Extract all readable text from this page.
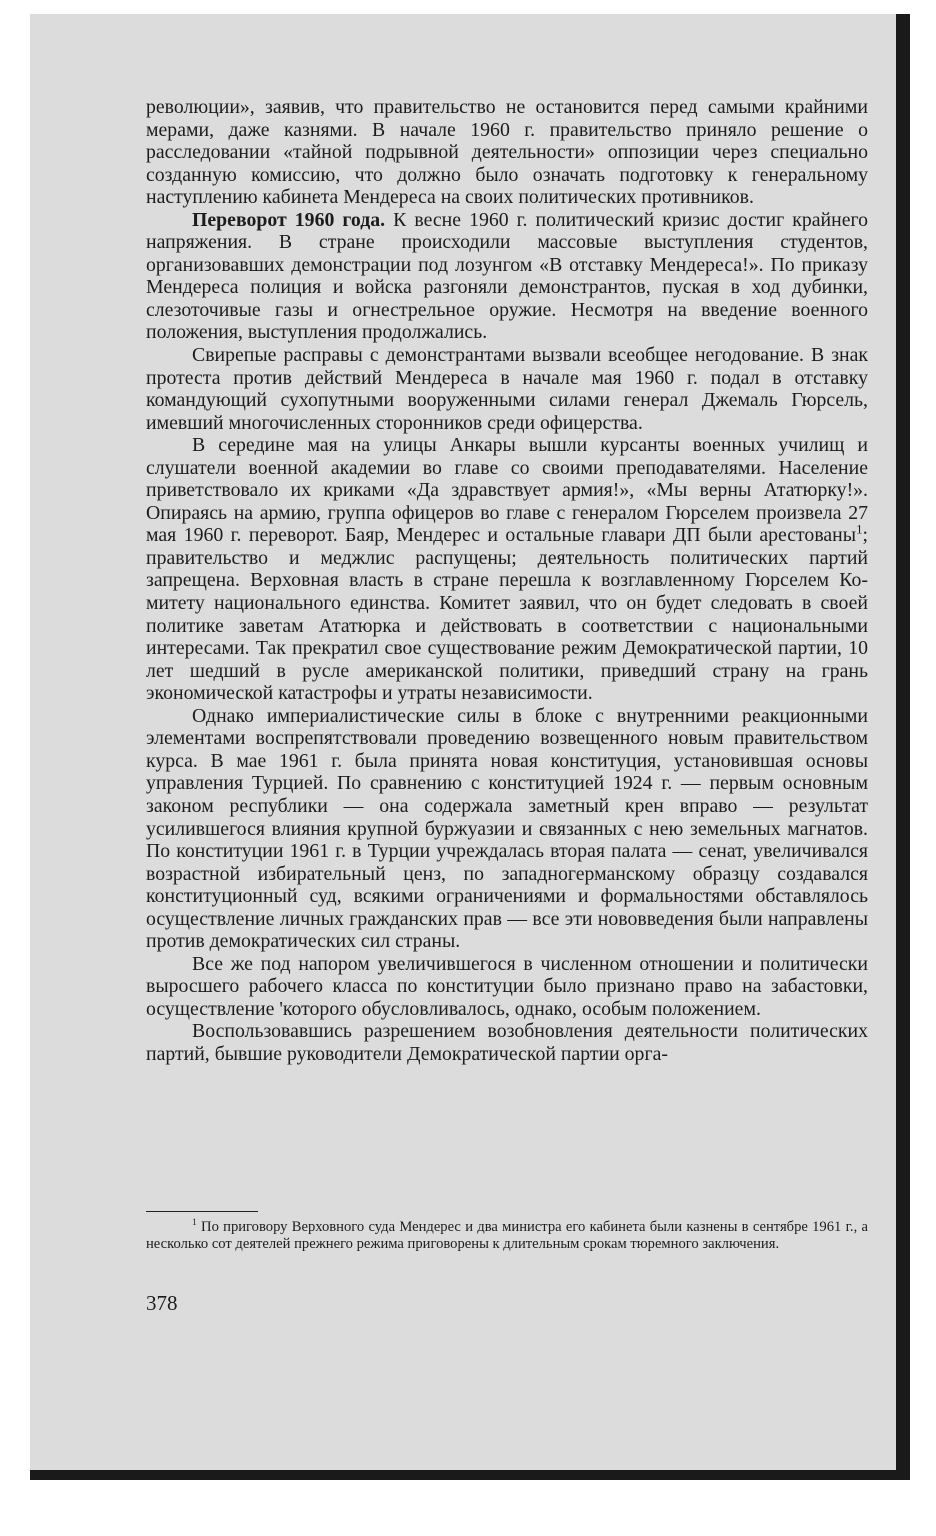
революции», заявив, что правительство не остановится перед самыми крайними мерами, даже казнями. В начале 1960 г. правительство приняло решение о расследовании «тайной подрывной деятельности» оппозиции через специально созданную комиссию, что должно было означать подготовку к генеральному наступлению кабинета Мендереса на своих политических противников.

Переворот 1960 года. К весне 1960 г. политический кризис достиг крайнего напряжения. В стране происходили массовые выступления студентов, организовавших демонстрации под лозунгом «В отставку Мендереса!». По приказу Мендереса полиция и войска разгоняли демонстрантов, пуская в ход дубинки, слезоточивые газы и огнестрельное оружие. Несмотря на введение военного положения, выступления продолжались.

Свирепые расправы с демонстрантами вызвали всеобщее негодование. В знак протеста против действий Мендереса в начале мая 1960 г. подал в отставку командующий сухопутными вооруженными силами генерал Джемаль Гюрсель, имевший многочисленных сторонников среди офицерства.

В середине мая на улицы Анкары вышли курсанты военных училищ и слушатели военной академии во главе со своими преподавателями. Население приветствовало их криками «Да здравствует армия!», «Мы верны Ататюрку!». Опираясь на армию, группа офицеров во главе с генералом Гюрселем произвела 27 мая 1960 г. переворот. Баяр, Мендерес и остальные главари ДП были арестованы$^1$; правительство и меджлис распущены; деятельность политических партий запрещена. Верховная власть в стране перешла к возглавленному Гюрселем Комитету национального единства. Комитет заявил, что он будет следовать в своей политике заветам Ататюрка и действовать в соответствии с национальными интересами. Так прекратил свое существование режим Демократической партии, 10 лет шедший в русле американской политики, приведший страну на грань экономической катастрофы и утраты независимости.

Однако империалистические силы в блоке с внутренними реакционными элементами воспрепятствовали проведению возвещенного новым правительством курса. В мае 1961 г. была принята новая конституция, установившая основы управления Турцией. По сравнению с конституцией 1924 г. — первым основным законом республики — она содержала заметный крен вправо — результат усилившегося влияния крупной буржуазии и связанных с нею земельных магнатов. По конституции 1961 г. в Турции учреждалась вторая палата — сенат, увеличивался возрастной избирательный ценз, по западногерманскому образцу создавался конституционный суд, всякими ограничениями и формальностями обставлялось осуществление личных гражданских прав — все эти нововведения были направлены против демократических сил страны.

Все же под напором увеличившегося в численном отношении и политически выросшего рабочего класса по конституции было признано право на забастовки, осуществление 'которого обусловливалось, однако, особым положением.

Воспользовавшись разрешением возобновления деятельности политических партий, бывшие руководители Демократической партии орга-

$^1$ По приговору Верховного суда Мендерес и два министра его кабинета были казнены в сентябре 1961 г., а несколько сот деятелей прежнего режима приговорены к длительным срокам тюремного заключения.

378
